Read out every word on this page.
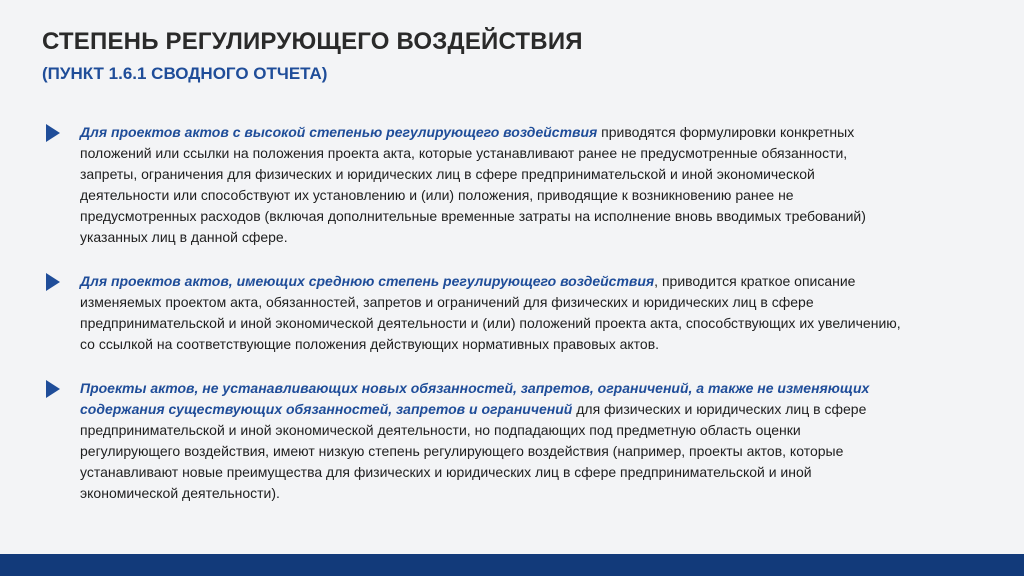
СТЕПЕНЬ РЕГУЛИРУЮЩЕГО ВОЗДЕЙСТВИЯ
(ПУНКТ 1.6.1 СВОДНОГО ОТЧЕТА)

Для проектов актов с высокой степенью регулирующего воздействия приводятся формулировки конкретных положений или ссылки на положения проекта акта, которые устанавливают ранее не предусмотренные обязанности, запреты, ограничения для физических и юридических лиц в сфере предпринимательской и иной экономической деятельности или способствуют их установлению и (или) положения, приводящие к возникновению ранее не предусмотренных расходов (включая дополнительные временные затраты на исполнение вновь вводимых требований) указанных лиц в данной сфере.

Для проектов актов, имеющих среднюю степень регулирующего воздействия, приводится краткое описание изменяемых проектом акта, обязанностей, запретов и ограничений для физических и юридических лиц в сфере предпринимательской и иной экономической деятельности и (или) положений проекта акта, способствующих их увеличению, со ссылкой на соответствующие положения действующих нормативных правовых актов.

Проекты актов, не устанавливающих новых обязанностей, запретов, ограничений, а также не изменяющих содержания существующих обязанностей, запретов и ограничений для физических и юридических лиц в сфере предпринимательской и иной экономической деятельности, но подпадающих под предметную область оценки регулирующего воздействия, имеют низкую степень регулирующего воздействия (например, проекты актов, которые устанавливают новые преимущества для физических и юридических лиц в сфере предпринимательской и иной экономической деятельности).
